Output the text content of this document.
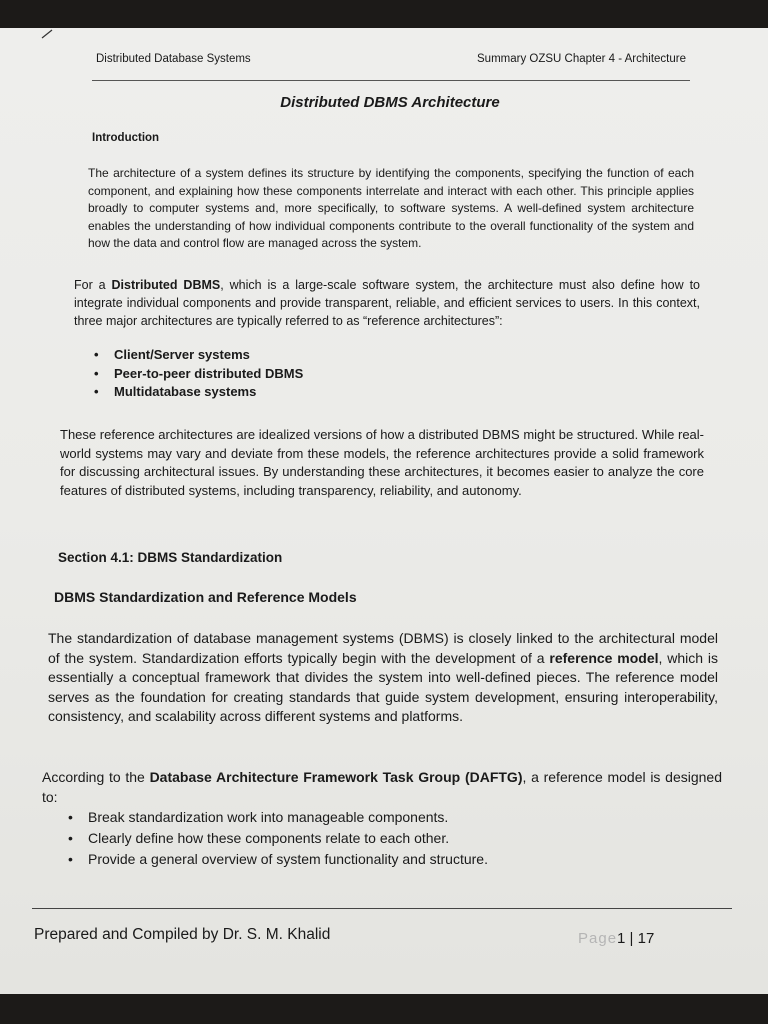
Distributed Database Systems	Summary OZSU Chapter 4 - Architecture
Distributed DBMS Architecture
Introduction
The architecture of a system defines its structure by identifying the components, specifying the function of each component, and explaining how these components interrelate and interact with each other. This principle applies broadly to computer systems and, more specifically, to software systems. A well-defined system architecture enables the understanding of how individual components contribute to the overall functionality of the system and how the data and control flow are managed across the system.
For a Distributed DBMS, which is a large-scale software system, the architecture must also define how to integrate individual components and provide transparent, reliable, and efficient services to users. In this context, three major architectures are typically referred to as “reference architectures”:
• Client/Server systems
• Peer-to-peer distributed DBMS
• Multidatabase systems
These reference architectures are idealized versions of how a distributed DBMS might be structured. While real-world systems may vary and deviate from these models, the reference architectures provide a solid framework for discussing architectural issues. By understanding these architectures, it becomes easier to analyze the core features of distributed systems, including transparency, reliability, and autonomy.
Section 4.1: DBMS Standardization
DBMS Standardization and Reference Models
The standardization of database management systems (DBMS) is closely linked to the architectural model of the system. Standardization efforts typically begin with the development of a reference model, which is essentially a conceptual framework that divides the system into well-defined pieces. The reference model serves as the foundation for creating standards that guide system development, ensuring interoperability, consistency, and scalability across different systems and platforms.
According to the Database Architecture Framework Task Group (DAFTG), a reference model is designed to:
• Break standardization work into manageable components.
• Clearly define how these components relate to each other.
• Provide a general overview of system functionality and structure.
Prepared and Compiled by Dr. S. M. Khalid	Page1 | 17
